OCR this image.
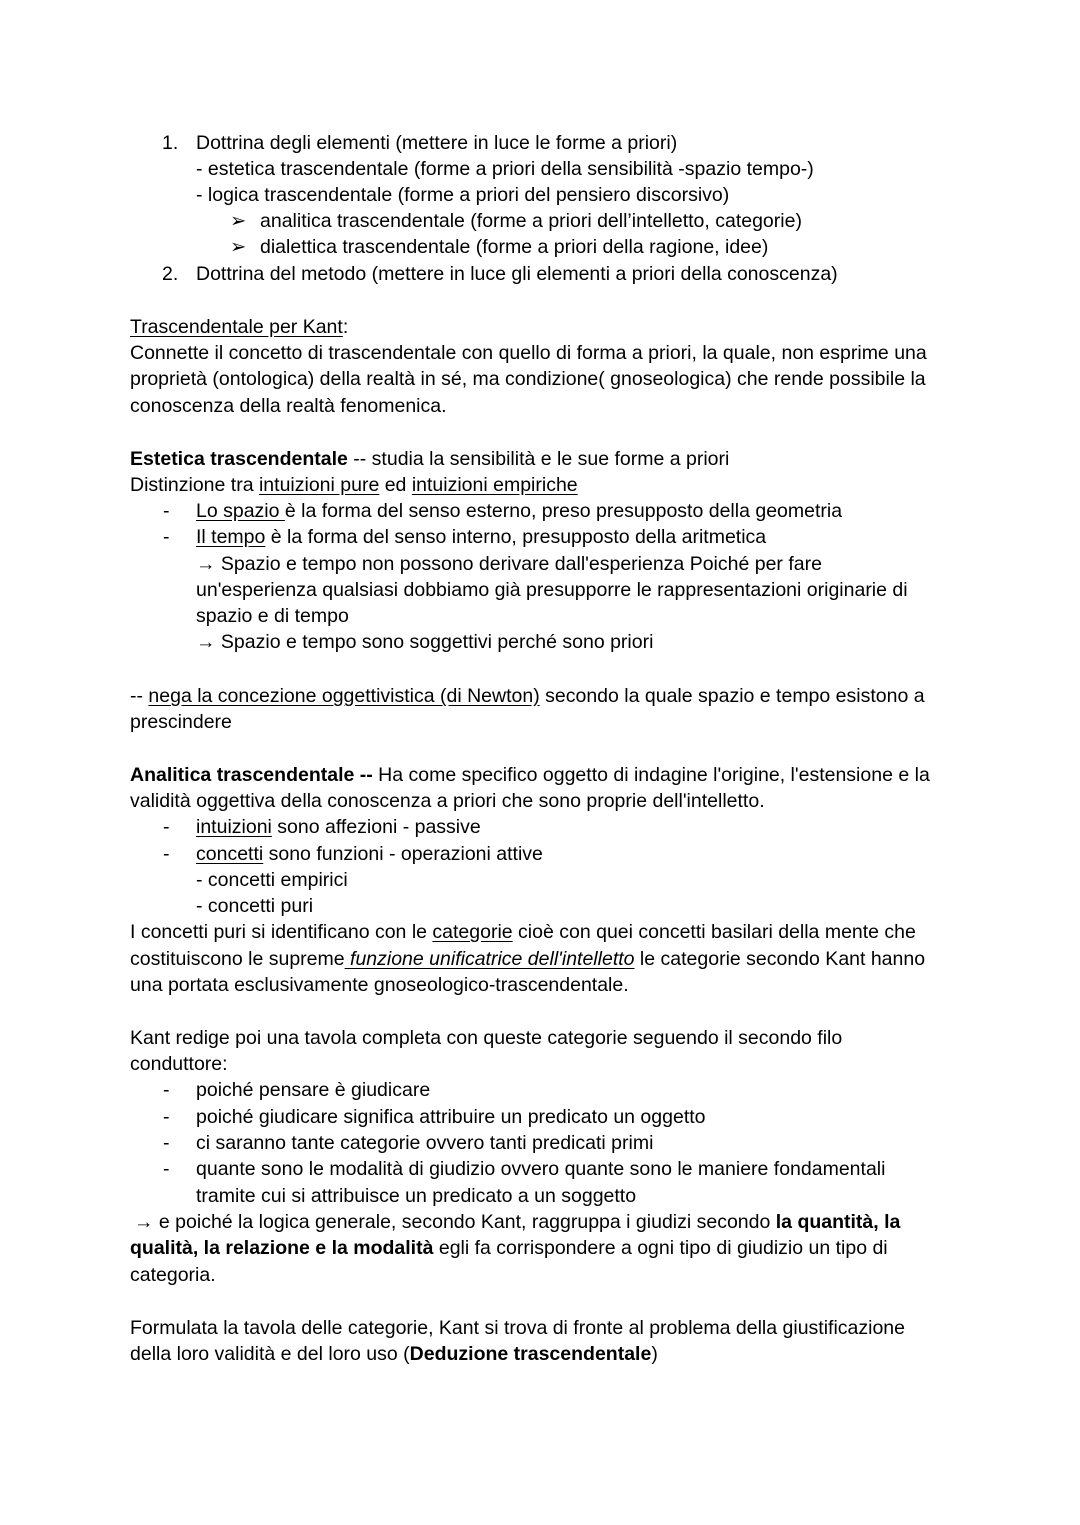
1. Dottrina degli elementi (mettere in luce le forme a priori)
- estetica trascendentale (forme a priori della sensibilità -spazio tempo-)
- logica trascendentale (forme a priori del pensiero discorsivo)
➢ analitica trascendentale (forme a priori dell’intelletto, categorie)
➢ dialettica trascendentale (forme a priori della ragione, idee)
2. Dottrina del metodo (mettere in luce gli elementi a priori della conoscenza)
Trascendentale per Kant:
Connette il concetto di trascendentale con quello di forma a priori, la quale, non esprime una
proprietà (ontologica) della realtà in sé, ma condizione( gnoseologica) che rende possibile la
conoscenza della realtà fenomenica.
Estetica trascendentale -- studia la sensibilità e le sue forme a priori
Distinzione tra intuizioni pure ed intuizioni empiriche
- Lo spazio è la forma del senso esterno, preso presupposto della geometria
- Il tempo è la forma del senso interno, presupposto della aritmetica
→ Spazio e tempo non possono derivare dall'esperienza Poiché per fare
un'esperienza qualsiasi dobbiamo già presupporre le rappresentazioni originarie di
spazio e di tempo
→ Spazio e tempo sono soggettivi perché sono priori
-- nega la concezione oggettivistica (di Newton) secondo la quale spazio e tempo esistono a
prescindere
Analitica trascendentale -- Ha come specifico oggetto di indagine l'origine, l'estensione e la
validità oggettiva della conoscenza a priori che sono proprie dell'intelletto.
- intuizioni sono affezioni - passive
- concetti sono funzioni - operazioni attive
- concetti empirici
- concetti puri
I concetti puri si identificano con le categorie cioè con quei concetti basilari della mente che
costituiscono le supreme funzione unificatrice dell'intelletto le categorie secondo Kant hanno
una portata esclusivamente gnoseologico-trascendentale.
Kant redige poi una tavola completa con queste categorie seguendo il secondo filo
conduttore:
- poiché pensare è giudicare
- poiché giudicare significa attribuire un predicato un oggetto
- ci saranno tante categorie ovvero tanti predicati primi
- quante sono le modalità di giudizio ovvero quante sono le maniere fondamentali
tramite cui si attribuisce un predicato a un soggetto
→ e poiché la logica generale, secondo Kant, raggruppa i giudizi secondo la quantità, la
qualità, la relazione e la modalità egli fa corrispondere a ogni tipo di giudizio un tipo di
categoria.
Formulata la tavola delle categorie, Kant si trova di fronte al problema della giustificazione
della loro validità e del loro uso (Deduzione trascendentale)
